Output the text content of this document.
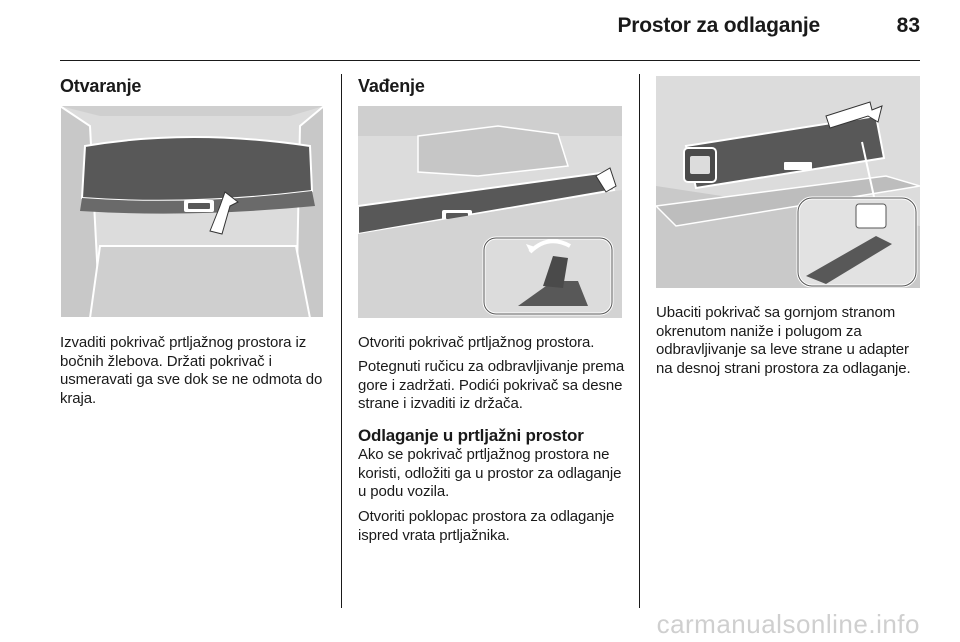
Prostor za odlaganje	83
Otvaranje

Izvaditi pokrivač prtljažnog prostora iz bočnih žlebova. Držati pokrivač i usmeravati ga sve dok se ne odmota do kraja.

Vađenje

Otvoriti pokrivač prtljažnog prostora.

Potegnuti ručicu za odbravljivanje prema gore i zadržati. Podići pokrivač sa desne strane i izvaditi iz držača.

Odlaganje u prtljažni prostor

Ako se pokrivač prtljažnog prostora ne koristi, odložiti ga u prostor za odlaganje u podu vozila.

Otvoriti poklopac prostora za odlaganje ispred vrata prtljažnika.

Ubaciti pokrivač sa gornjom stranom okrenutom naniže i polugom za odbravljivanje sa leve strane u adapter na desnoj strani prostora za odlaganje.

carmanualsonline.info
